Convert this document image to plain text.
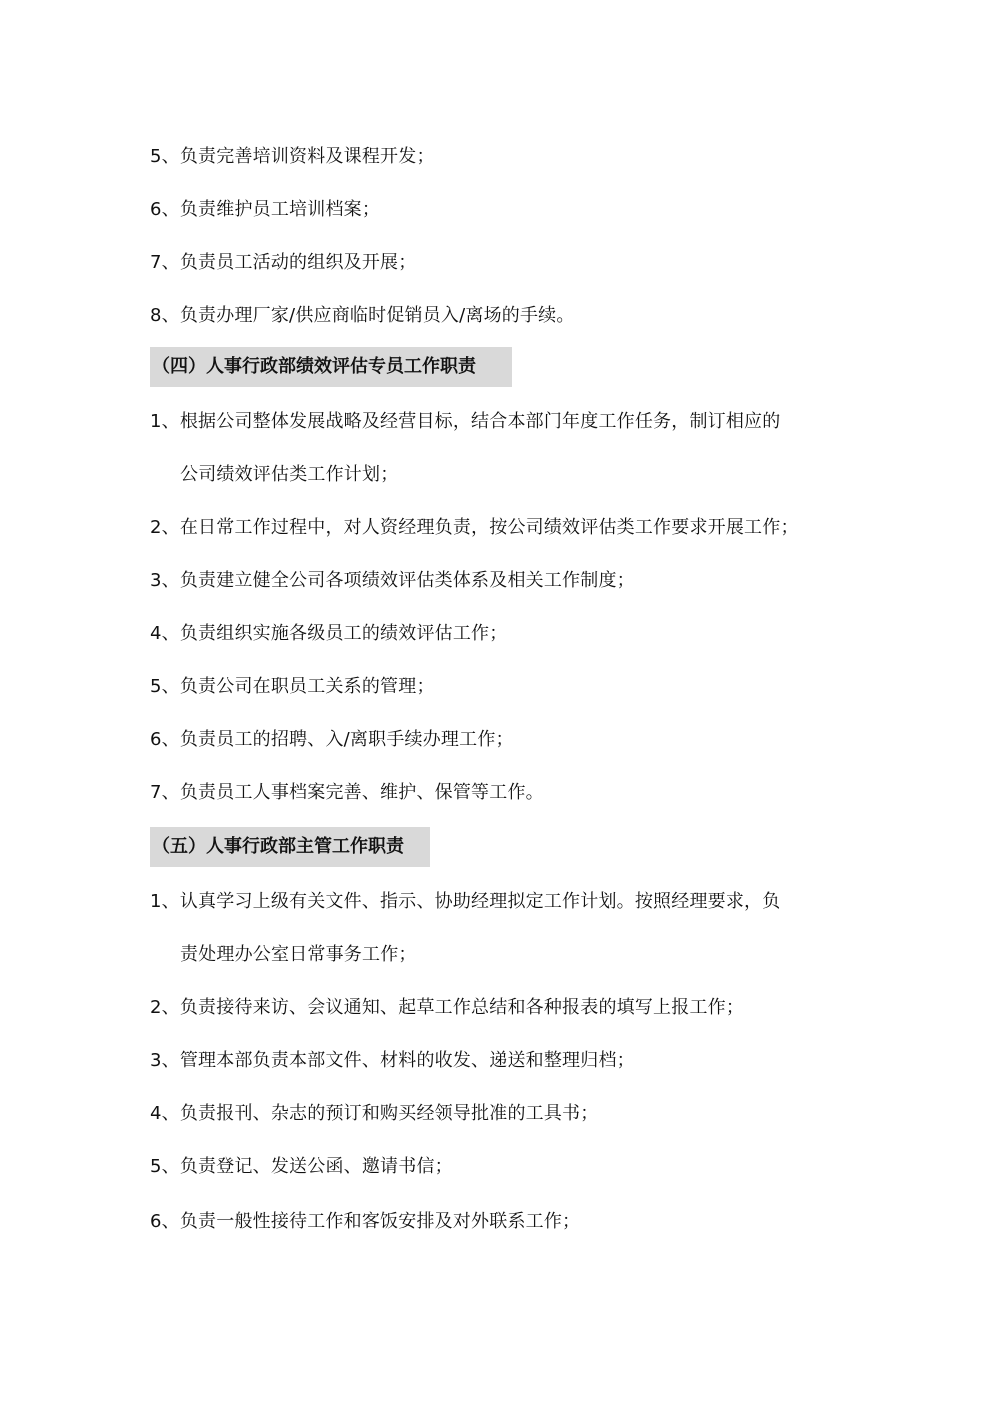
5、负责完善培训资料及课程开发；
6、负责维护员工培训档案；
7、负责员工活动的组织及开展；
8、负责办理厂家/供应商临时促销员入/离场的手续。
（四）人事行政部绩效评估专员工作职责
1、根据公司整体发展战略及经营目标，结合本部门年度工作任务，制订相应的
公司绩效评估类工作计划；
2、在日常工作过程中，对人资经理负责，按公司绩效评估类工作要求开展工作；
3、负责建立健全公司各项绩效评估类体系及相关工作制度；
4、负责组织实施各级员工的绩效评估工作；
5、负责公司在职员工关系的管理；
6、负责员工的招聘、入/离职手续办理工作；
7、负责员工人事档案完善、维护、保管等工作。
（五）人事行政部主管工作职责
1、认真学习上级有关文件、指示、协助经理拟定工作计划。按照经理要求，负
责处理办公室日常事务工作；
2、负责接待来访、会议通知、起草工作总结和各种报表的填写上报工作；
3、管理本部负责本部文件、材料的收发、递送和整理归档；
4、负责报刊、杂志的预订和购买经领导批准的工具书；
5、负责登记、发送公函、邀请书信；
6、负责一般性接待工作和客饭安排及对外联系工作；
